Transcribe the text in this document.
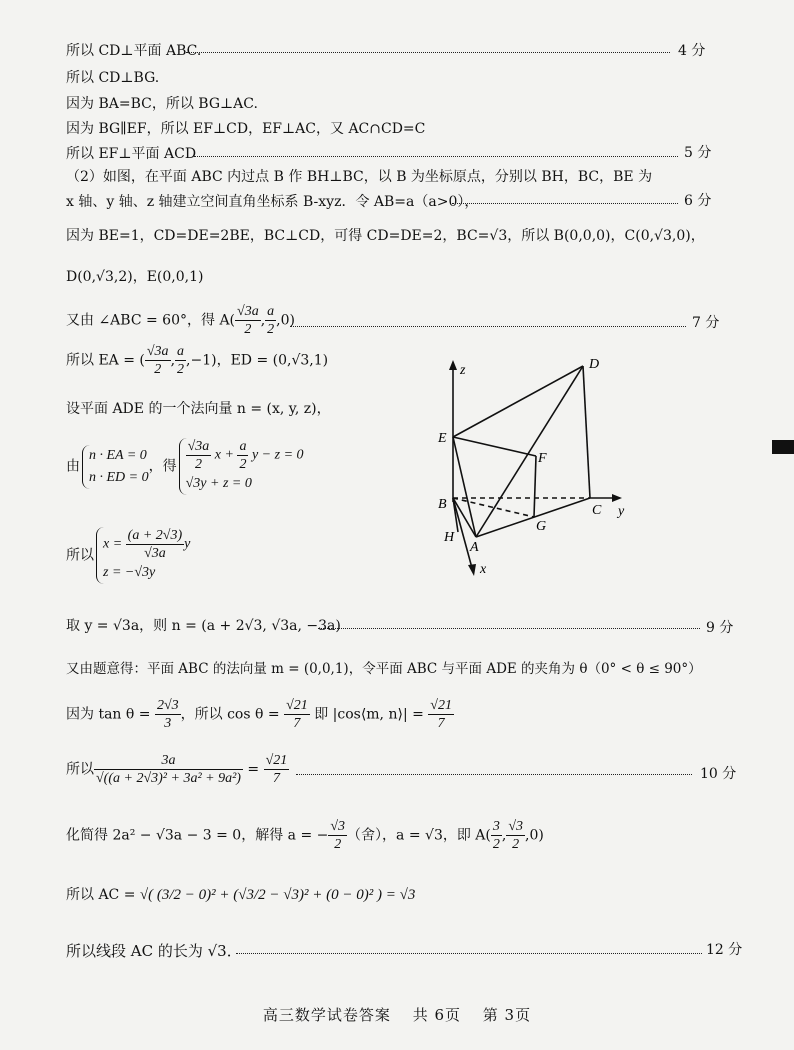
所以 CD⊥平面 ABC.	4 分
所以 CD⊥BG.
因为 BA=BC，所以 BG⊥AC.
因为 BG∥EF，所以 EF⊥CD，EF⊥AC，又 AC∩CD=C
所以 EF⊥平面 ACD	5 分
（2）如图，在平面 ABC 内过点 B 作 BH⊥BC，以 B 为坐标原点，分别以 BH，BC，BE 为
x 轴、y 轴、z 轴建立空间直角坐标系 B-xyz．令 AB=a（a>0），	6 分
因为 BE=1，CD=DE=2BE，BC⊥CD，可得 CD=DE=2，BC=√3，所以 B(0,0,0)，C(0,√3,0)，
D(0,√3,2)，E(0,0,1)
又由 ∠ABC = 60°，得 $A( \frac{√3a}{2}$ , $\frac{a}{2} ,0$)	7 分
所以 EA = ( $\frac{√3a}{2}$ , $\frac{a}{2} ,-1$)，ED = (0,√3,1)
设平面 ADE 的一个法向量 n = (x, y, z)，
由
n · EA = 0
n · ED = 0
，得 $\frac{√3a}{2}$ $x + \frac{a}{2}$ y − z = 0
√3y + z = 0
所以
$x = \frac{(a + 2√3)}{√3a}$ y
z = −√3y
取 y = √3a，则 n = (a + 2√3, √3a, −3a)	9 分
又由题意得：平面 ABC 的法向量 m = (0,0,1)，令平面 ABC 与平面 ADE 的夹角为 θ（0° < θ ≤ 90°）
因为 $\tan \theta = \frac{2√3}{3}$ ，所以 $\cos \theta = \frac{√21}{7}$ 即 |cos⟨m, n⟩| = $\frac{√21}{7}$
所以 $\frac{3a}{\text{√((a + 2√3)² + 3a² + 9a²)}} = \frac{√21}{7}$	10 分
化简得 2a² − √3a − 3 = 0，解得 a = − $\frac{√3}{2}$ （舍），a = √3，即 $A( \frac{3}{2}$ , $\frac{√3}{2} ,0$)
所以 AC = √( (3/2 − 0)² + (√3/2 − √3)² + (0 − 0)² ) = √3
所以线段 AC 的长为 √3．	12 分
z	D
E
F
B	C y
G
H
A
x
高三数学试卷答案 共 6页 第 3页
